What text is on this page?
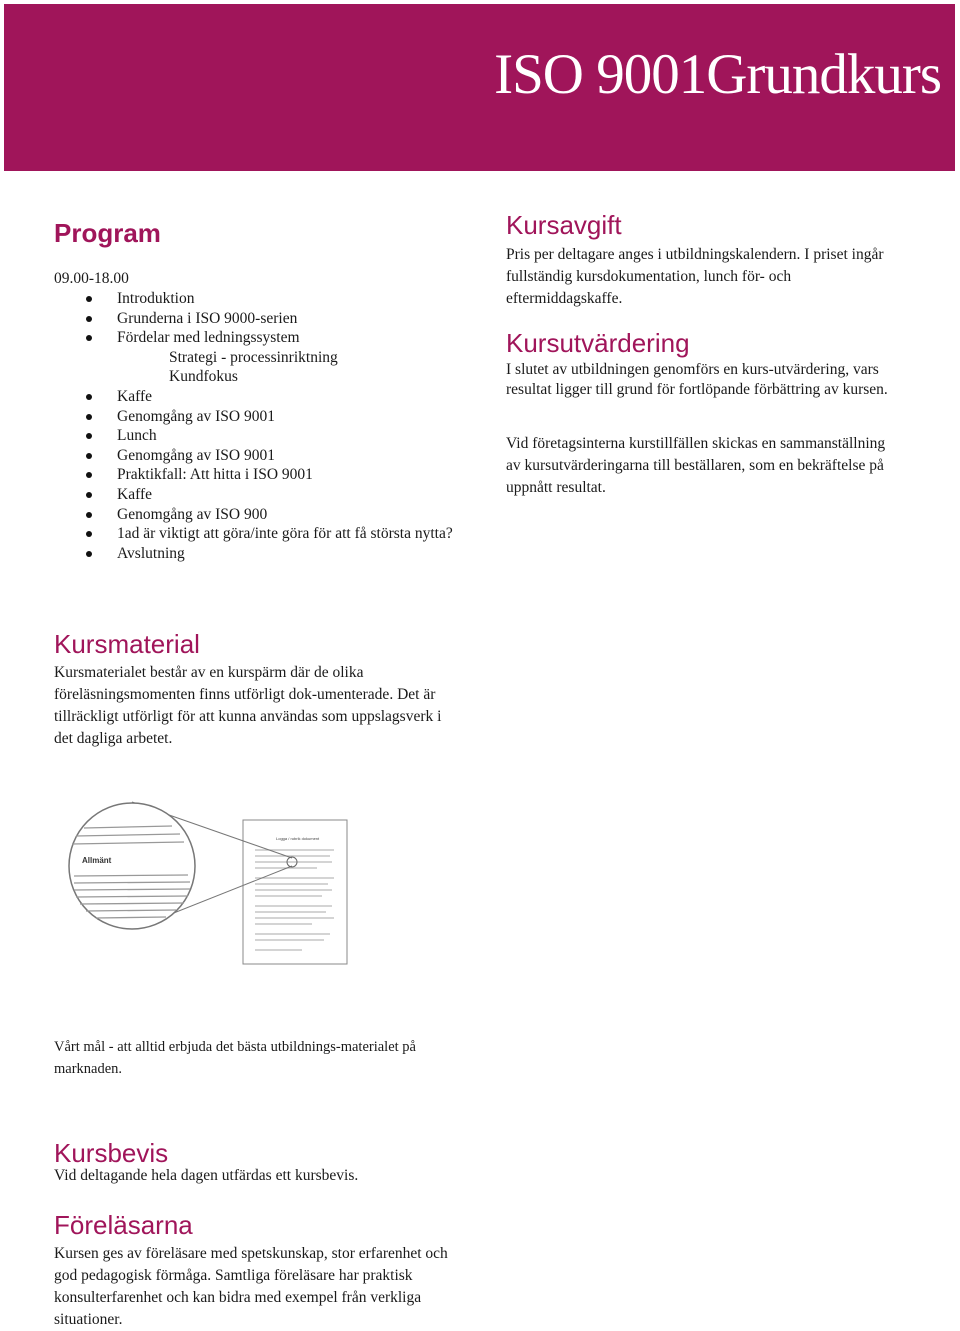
ISO 9001Grundkurs
Program

09.00-18.00

Introduktion
Grunderna i ISO 9000-serien
Fördelar med ledningssystem
Strategi - processinriktning
Kundfokus
Kaffe
Genomgång av ISO 9001
Lunch
Genomgång av ISO 9001
Praktikfall: Att hitta i ISO 9001
Kaffe
Genomgång av ISO 900
1ad är viktigt att göra/inte göra för att få största nytta?
Avslutning
Kursavgift

Pris per deltagare anges i utbildningskalendern. I priset ingår fullständig kursdokumentation, lunch för- och eftermiddagskaffe.

Kursutvärdering

I slutet av utbildningen genomförs en kurs-utvärdering, vars resultat ligger till grund för fortlöpande förbättring av kursen.

Vid företagsinterna kurstillfällen skickas en sammanställning av kursutvärderingarna till beställaren, som en bekräftelse på uppnått resultat.

Kursmaterial

Kursmaterialet består av en kurspärm där de olika föreläsningsmomenten finns utförligt dok-umenterade. Det är tillräckligt utförligt för att kunna användas som uppslagsverk i det dagliga arbetet.

Logga / rubrik dokument
Allmänt

Vårt mål - att alltid erbjuda det bästa utbildnings-materialet på marknaden.

Kursbevis

Vid deltagande hela dagen utfärdas ett kursbevis.

Föreläsarna

Kursen ges av föreläsare med spetskunskap, stor erfarenhet och god pedagogisk förmåga. Samtliga föreläsare har praktisk konsulterfarenhet och kan bidra med exempel från verkliga situationer.
